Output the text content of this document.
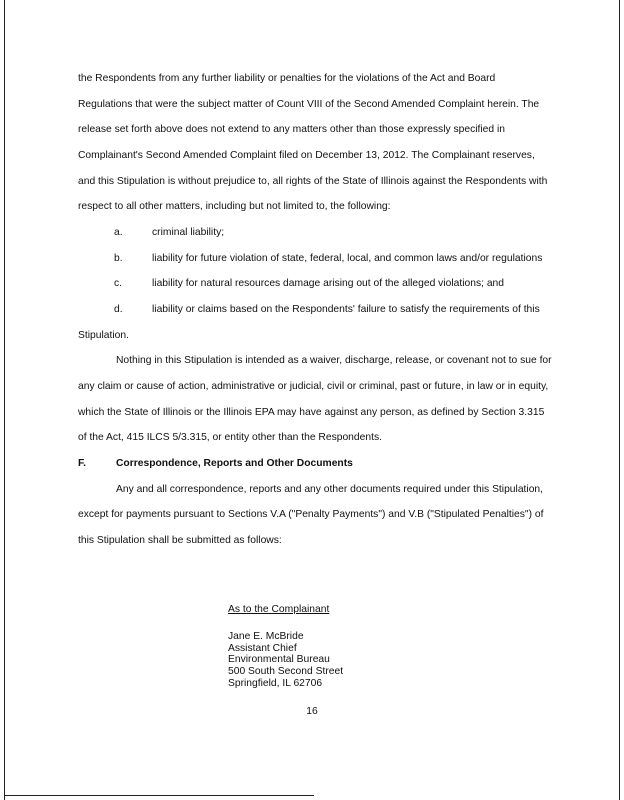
the Respondents from any further liability or penalties for the violations of the Act and Board Regulations that were the subject matter of Count VIII of the Second Amended Complaint herein. The release set forth above does not extend to any matters other than those expressly specified in Complainant's Second Amended Complaint filed on December 13, 2012. The Complainant reserves, and this Stipulation is without prejudice to, all rights of the State of Illinois against the Respondents with respect to all other matters, including but not limited to, the following:

a.	criminal liability;

b.	liability for future violation of state, federal, local, and common laws and/or regulations

c.	liability for natural resources damage arising out of the alleged violations; and

d.	liability or claims based on the Respondents' failure to satisfy the requirements of this Stipulation.

Nothing in this Stipulation is intended as a waiver, discharge, release, or covenant not to sue for any claim or cause of action, administrative or judicial, civil or criminal, past or future, in law or in equity, which the State of Illinois or the Illinois EPA may have against any person, as defined by Section 3.315 of the Act, 415 ILCS 5/3.315, or entity other than the Respondents.

F.	Correspondence, Reports and Other Documents

Any and all correspondence, reports and any other documents required under this Stipulation, except for payments pursuant to Sections V.A ("Penalty Payments") and V.B ("Stipulated Penalties") of this Stipulation shall be submitted as follows:

As to the Complainant
Jane E. McBride
Assistant Chief
Environmental Bureau
500 South Second Street
Springfield, IL 62706
16
